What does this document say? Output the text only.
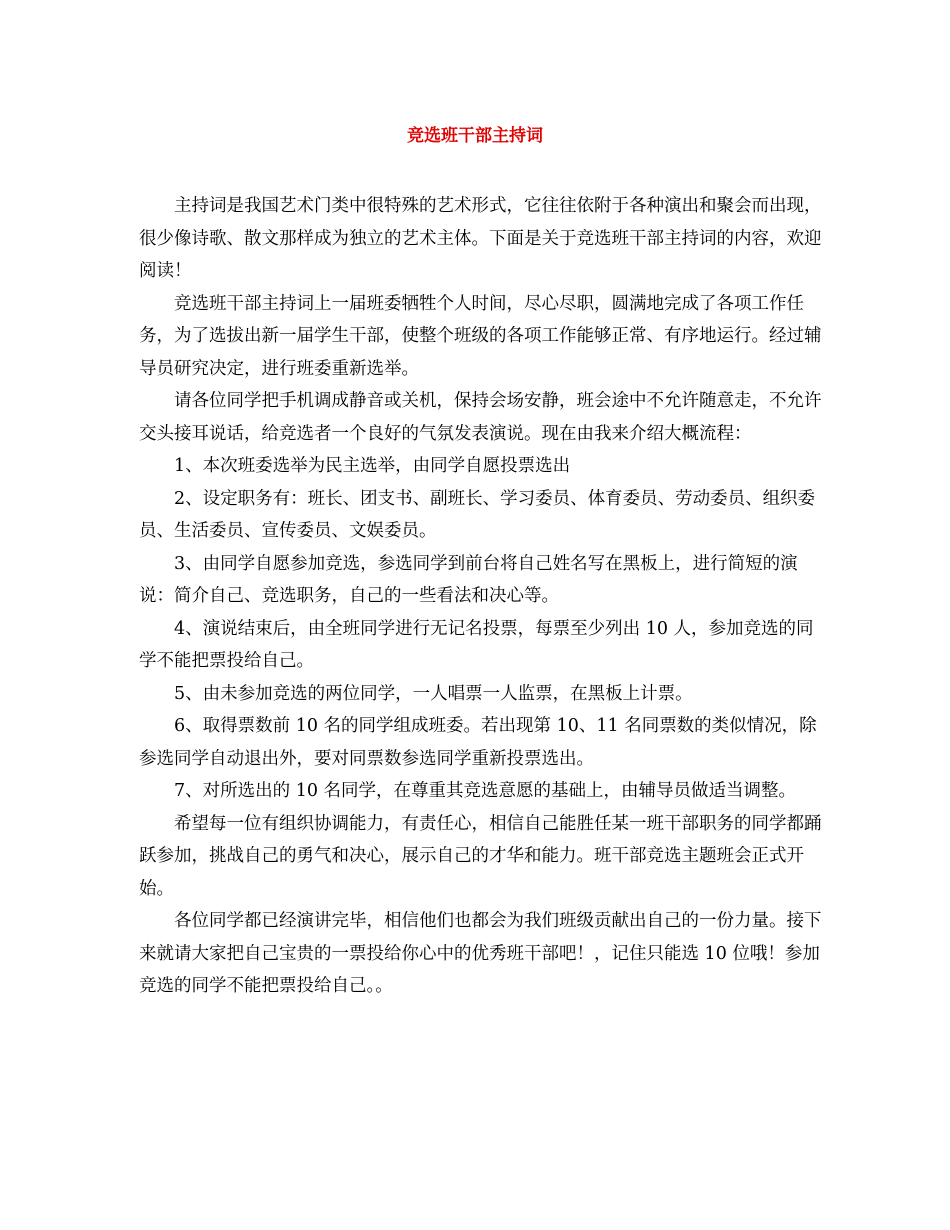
竞选班干部主持词

主持词是我国艺术门类中很特殊的艺术形式，它往往依附于各种演出和聚会而出现，很少像诗歌、散文那样成为独立的艺术主体。下面是关于竞选班干部主持词的内容，欢迎阅读！

竞选班干部主持词上一届班委牺牲个人时间，尽心尽职，圆满地完成了各项工作任务，为了选拔出新一届学生干部，使整个班级的各项工作能够正常、有序地运行。经过辅导员研究决定，进行班委重新选举。

请各位同学把手机调成静音或关机，保持会场安静，班会途中不允许随意走，不允许交头接耳说话，给竞选者一个良好的气氛发表演说。现在由我来介绍大概流程：

1、本次班委选举为民主选举，由同学自愿投票选出

2、设定职务有：班长、团支书、副班长、学习委员、体育委员、劳动委员、组织委员、生活委员、宣传委员、文娱委员。

3、由同学自愿参加竞选，参选同学到前台将自己姓名写在黑板上，进行简短的演说：简介自己、竞选职务，自己的一些看法和决心等。

4、演说结束后，由全班同学进行无记名投票，每票至少列出 10 人，参加竞选的同学不能把票投给自己。

5、由未参加竞选的两位同学，一人唱票一人监票，在黑板上计票。

6、取得票数前 10 名的同学组成班委。若出现第 10、11 名同票数的类似情况，除参选同学自动退出外，要对同票数参选同学重新投票选出。

7、对所选出的 10 名同学，在尊重其竞选意愿的基础上，由辅导员做适当调整。

希望每一位有组织协调能力，有责任心，相信自己能胜任某一班干部职务的同学都踊跃参加，挑战自己的勇气和决心，展示自己的才华和能力。班干部竞选主题班会正式开始。

各位同学都已经演讲完毕，相信他们也都会为我们班级贡献出自己的一份力量。接下来就请大家把自己宝贵的一票投给你心中的优秀班干部吧！，记住只能选 10 位哦！参加竞选的同学不能把票投给自己。。
